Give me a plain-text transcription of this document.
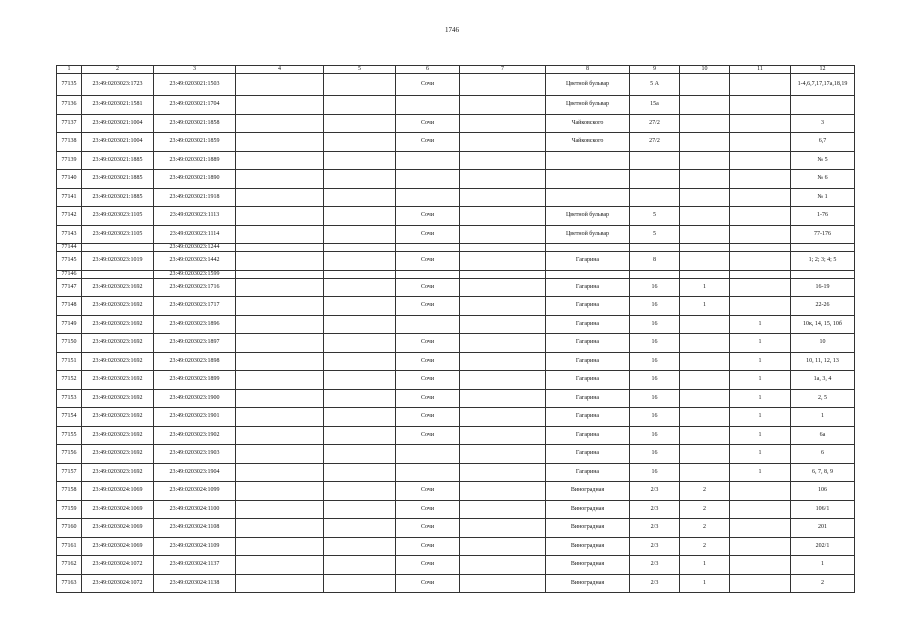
1746
1	2	3	4	5	6	7	8	9	10	11	12
77135	23:49:0203023:1723	23:49:0203021:1503			Сочи		Цветной бульвар	5 А			1-4,6,7,17,17а,18,19
77136	23:49:0203021:1581	23:49:0203021:1704					Цветной бульвар	15а			
77137	23:49:0203021:1004	23:49:0203021:1858			Сочи		Чайковского	27/2			3
77138	23:49:0203021:1004	23:49:0203021:1859			Сочи		Чайковского	27/2			6,7
77139	23:49:0203021:1885	23:49:0203021:1889									№ 5
77140	23:49:0203021:1885	23:49:0203021:1890									№ 6
77141	23:49:0203021:1885	23:49:0203021:1918									№ 1
77142	23:49:0203023:1105	23:49:0203023:1113			Сочи		Цветной бульвар	5			1-76
77143	23:49:0203023:1105	23:49:0203023:1114			Сочи		Цветной бульвар	5			77-176
77144		23:49:0203023:1244									
77145	23:49:0203023:1019	23:49:0203023:1442			Сочи		Гагарина	8			1; 2; 3; 4; 5
77146		23:49:0203023:1599									
77147	23:49:0203023:1692	23:49:0203023:1716			Сочи		Гагарина	16	1		16-19
77148	23:49:0203023:1692	23:49:0203023:1717			Сочи		Гагарина	16	1		22-26
77149	23:49:0203023:1692	23:49:0203023:1896					Гагарина	16		1	10к, 14, 15, 10б
77150	23:49:0203023:1692	23:49:0203023:1897			Сочи		Гагарина	16		1	10
77151	23:49:0203023:1692	23:49:0203023:1898			Сочи		Гагарина	16		1	10, 11, 12, 13
77152	23:49:0203023:1692	23:49:0203023:1899			Сочи		Гагарина	16		1	1а, 3, 4
77153	23:49:0203023:1692	23:49:0203023:1900			Сочи		Гагарина	16		1	2, 5
77154	23:49:0203023:1692	23:49:0203023:1901			Сочи		Гагарина	16		1	1
77155	23:49:0203023:1692	23:49:0203023:1902			Сочи		Гагарина	16		1	6а
77156	23:49:0203023:1692	23:49:0203023:1903					Гагарина	16		1	6
77157	23:49:0203023:1692	23:49:0203023:1904					Гагарина	16		1	6, 7, 8, 9
77158	23:49:0203024:1069	23:49:0203024:1099			Сочи		Виноградная	2/3	2		106
77159	23:49:0203024:1069	23:49:0203024:1100			Сочи		Виноградная	2/3	2		106/1
77160	23:49:0203024:1069	23:49:0203024:1108			Сочи		Виноградная	2/3	2		201
77161	23:49:0203024:1069	23:49:0203024:1109			Сочи		Виноградная	2/3	2		202/1
77162	23:49:0203024:1072	23:49:0203024:1137			Сочи		Виноградная	2/3	1		1
77163	23:49:0203024:1072	23:49:0203024:1138			Сочи		Виноградная	2/3	1		2
